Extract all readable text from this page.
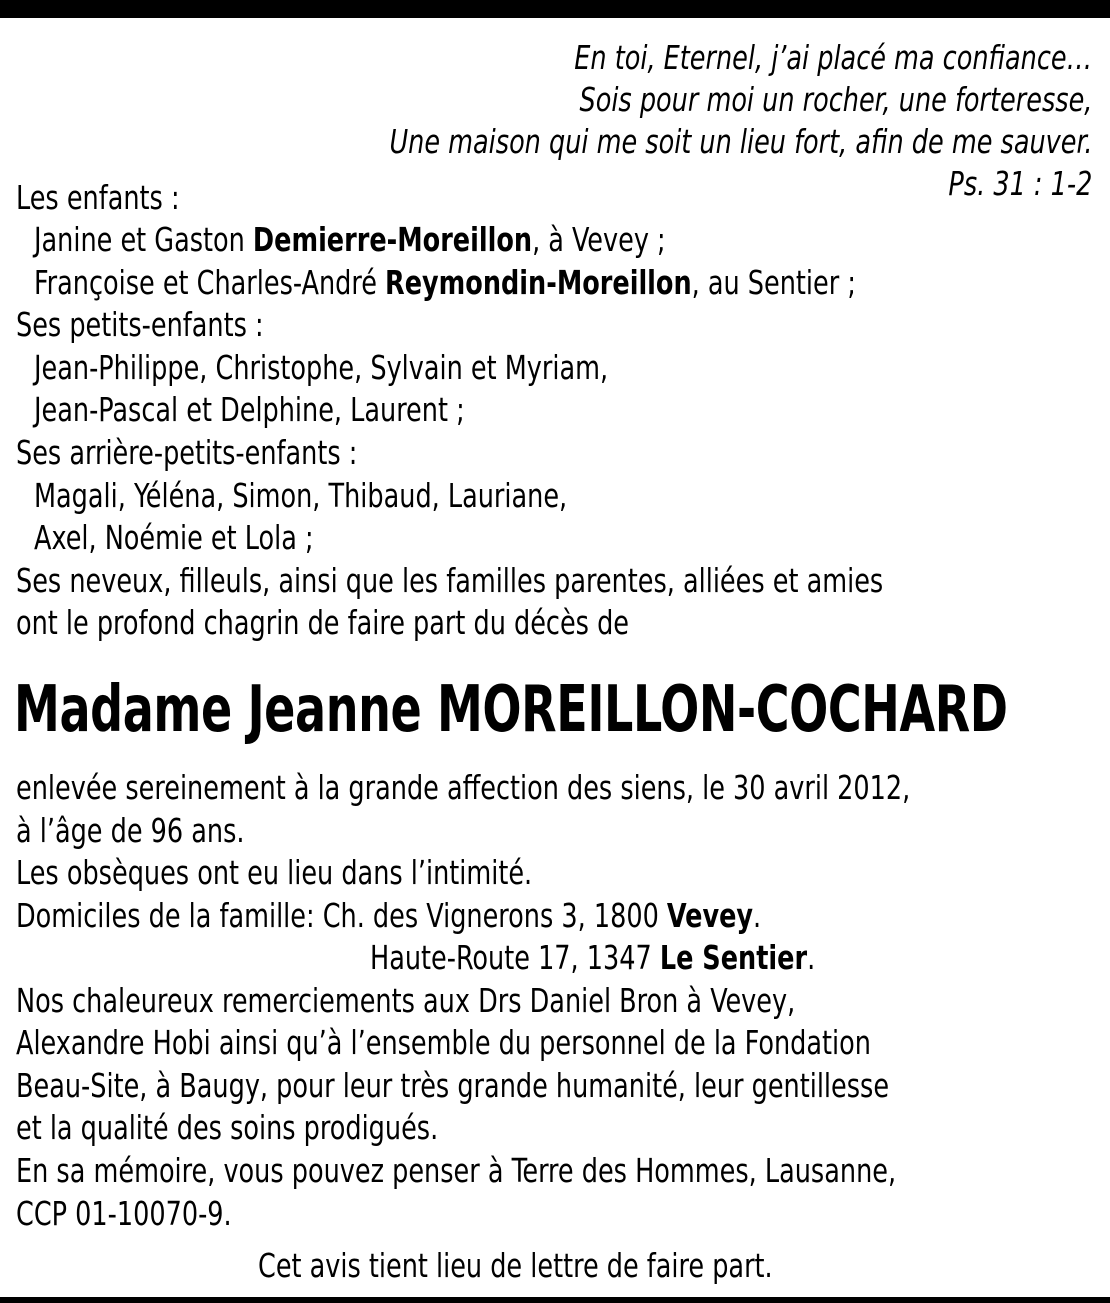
En toi, Eternel, j’ai placé ma confiance…
Sois pour moi un rocher, une forteresse,
Une maison qui me soit un lieu fort, afin de me sauver.
Ps. 31 : 1-2
Les enfants :
Janine et Gaston Demierre-Moreillon, à Vevey ;
Françoise et Charles-André Reymondin-Moreillon, au Sentier ;
Ses petits-enfants :
Jean-Philippe, Christophe, Sylvain et Myriam,
Jean-Pascal et Delphine, Laurent ;
Ses arrière-petits-enfants :
Magali, Yéléna, Simon, Thibaud, Lauriane,
Axel, Noémie et Lola ;
Ses neveux, filleuls, ainsi que les familles parentes, alliées et amies
ont le profond chagrin de faire part du décès de
Madame Jeanne MOREILLON-COCHARD
enlevée sereinement à la grande affection des siens, le 30 avril 2012,
à l’âge de 96 ans.
Les obsèques ont eu lieu dans l’intimité.
Domiciles de la famille: Ch. des Vignerons 3, 1800 Vevey.
Haute-Route 17, 1347 Le Sentier.
Nos chaleureux remerciements aux Drs Daniel Bron à Vevey,
Alexandre Hobi ainsi qu’à l’ensemble du personnel de la Fondation
Beau-Site, à Baugy, pour leur très grande humanité, leur gentillesse
et la qualité des soins prodigués.
En sa mémoire, vous pouvez penser à Terre des Hommes, Lausanne,
CCP 01-10070-9.
Cet avis tient lieu de lettre de faire part.
